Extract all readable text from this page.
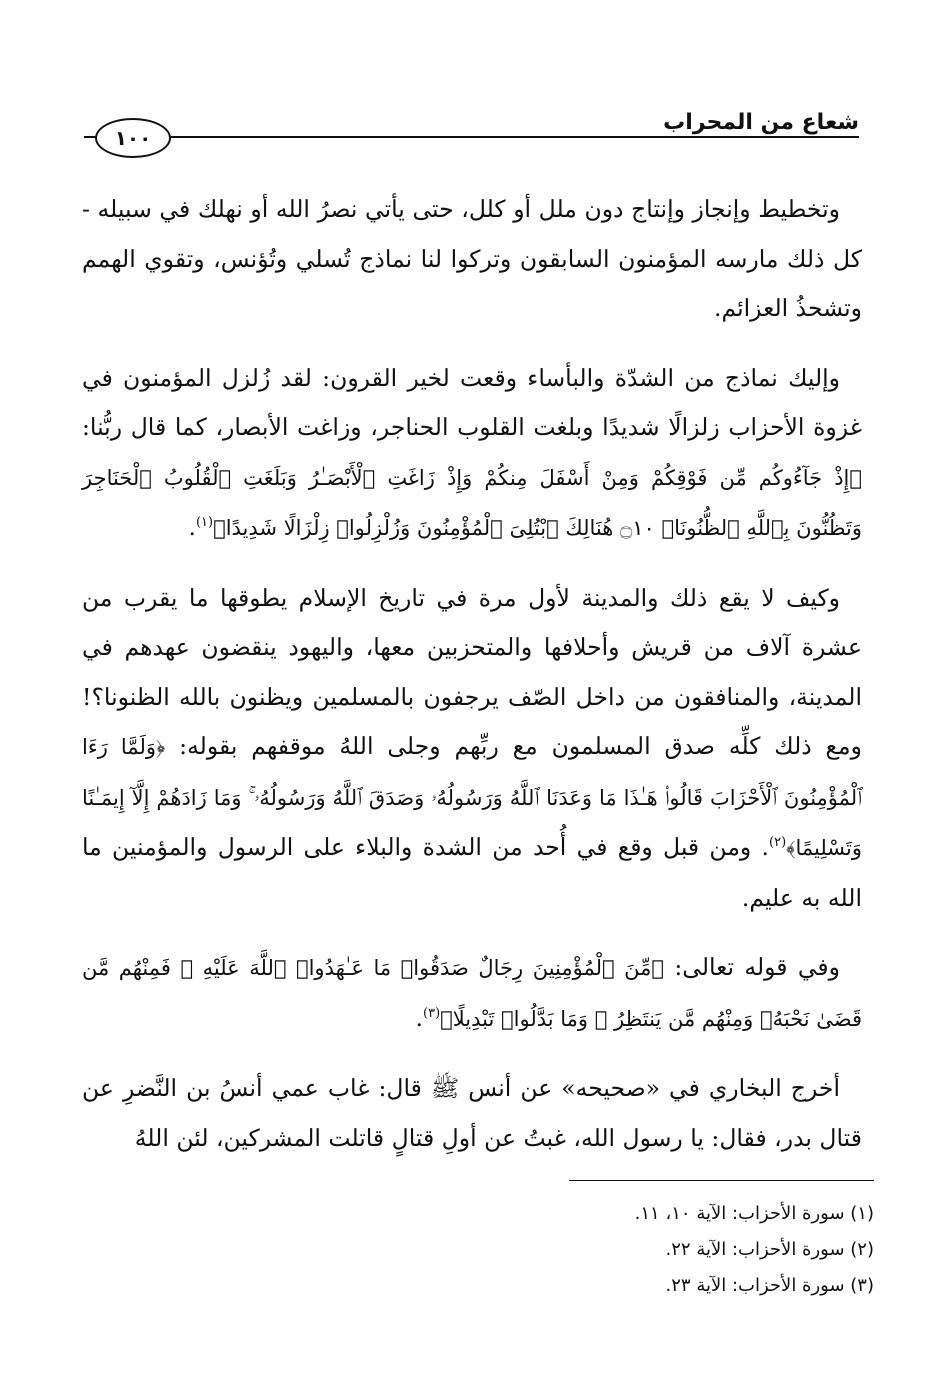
شعاع من المحراب
١٠٠

وتخطيط وإنجاز وإنتاج دون ملل أو كلل، حتى يأتي نصرُ الله أو نهلك في سبيله - كل ذلك مارسه المؤمنون السابقون وتركوا لنا نماذج تُسلي وتُؤنس، وتقوي الهمم وتشحذُ العزائم.

وإليك نماذج من الشدّة والبأساء وقعت لخير القرون: لقد زُلزل المؤمنون في غزوة الأحزاب زلزالًا شديدًا وبلغت القلوب الحناجر، وزاغت الأبصار، كما قال ربُّنا: ﴿إِذْ جَآءُوكُم مِّن فَوْقِكُمْ وَمِنْ أَسْفَلَ مِنكُمْ وَإِذْ زَاغَتِ ٱلْأَبْصَـٰرُ وَبَلَغَتِ ٱلْقُلُوبُ ٱلْحَنَاجِرَ وَتَظُنُّونَ بِٱللَّهِ ٱلظُّنُونَا۠ ۝١٠ هُنَالِكَ ٱبْتُلِىَ ٱلْمُؤْمِنُونَ وَزُلْزِلُوا۟ زِلْزَالًا شَدِيدًا﴾$^{(١)}$.

وكيف لا يقع ذلك والمدينة لأول مرة في تاريخ الإسلام يطوقها ما يقرب من عشرة آلاف من قريش وأحلافها والمتحزبين معها، واليهود ينقضون عهدهم في المدينة، والمنافقون من داخل الصّف يرجفون بالمسلمين ويظنون بالله الظنونا؟! ومع ذلك كلِّه صدق المسلمون مع ربِّهم وجلى اللهُ موقفهم بقوله: ﴿وَلَمَّا رَءَا ٱلْمُؤْمِنُونَ ٱلْأَحْزَابَ قَالُوا۟ هَـٰذَا مَا وَعَدَنَا ٱللَّهُ وَرَسُولُهُۥ وَصَدَقَ ٱللَّهُ وَرَسُولُهُۥ ۚ وَمَا زَادَهُمْ إِلَّآ إِيمَـٰنًا وَتَسْلِيمًا﴾$^{(٢)}$. ومن قبل وقع في أُحد من الشدة والبلاء على الرسول والمؤمنين ما الله به عليم.

وفي قوله تعالى: ﴿مِّنَ ٱلْمُؤْمِنِينَ رِجَالٌ صَدَقُوا۟ مَا عَـٰهَدُوا۟ ٱللَّهَ عَلَيْهِ ۖ فَمِنْهُم مَّن قَضَىٰ نَحْبَهُۥ وَمِنْهُم مَّن يَنتَظِرُ ۖ وَمَا بَدَّلُوا۟ تَبْدِيلًا﴾$^{(٣)}$.

أخرج البخاري في «صحيحه» عن أنس ﷺ قال: غاب عمي أنسُ بن النَّضرِ عن قتال بدر، فقال: يا رسول الله، غبتُ عن أولِ قتالٍ قاتلت المشركين، لئن اللهُ

(١) سورة الأحزاب: الآية ١٠، ١١.
(٢) سورة الأحزاب: الآية ٢٢.
(٣) سورة الأحزاب: الآية ٢٣.
